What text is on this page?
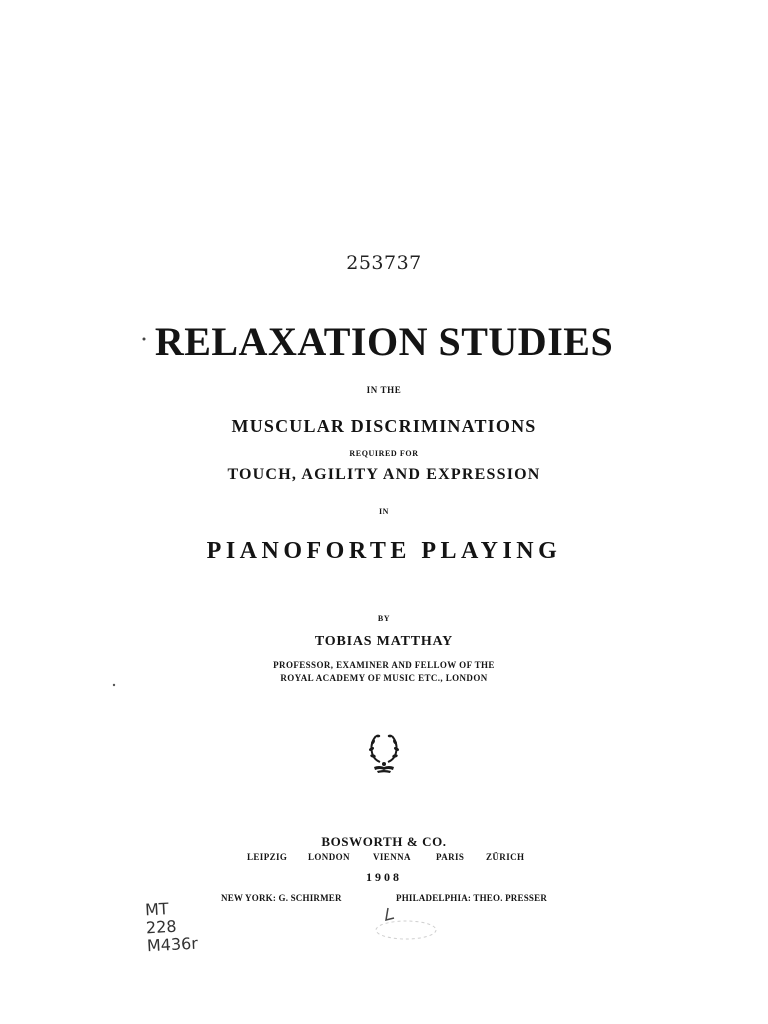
253737
RELAXATION STUDIES
IN THE
MUSCULAR DISCRIMINATIONS
REQUIRED FOR
TOUCH, AGILITY AND EXPRESSION
IN
PIANOFORTE PLAYING
BY
TOBIAS MATTHAY
PROFESSOR, EXAMINER AND FELLOW OF THE
ROYAL ACADEMY OF MUSIC ETC., LONDON
BOSWORTH & CO.
LEIPZIG LONDON	VIENNA	PARIS ZÜRICH
1908
NEW YORK: G. SCHIRMER	PHILADELPHIA: THEO. PRESSER
MT
228
M436r
